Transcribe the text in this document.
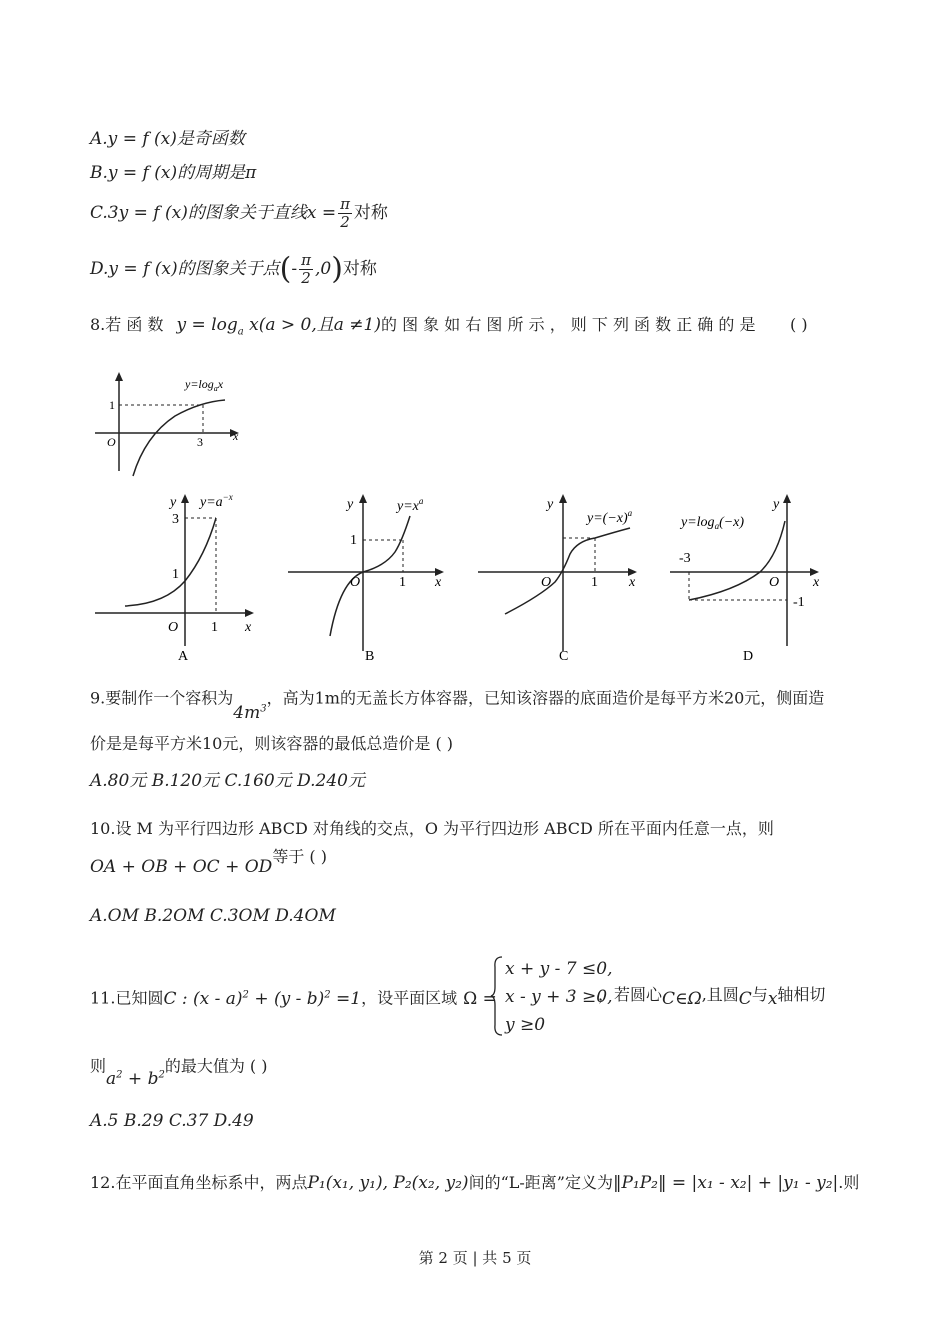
A.y = f (x)是奇函数
B.y = f (x)的周期是π
C.3y = f (x)的图象关于直线$x = \frac{\pi}{2}$ 对称
D.y = f (x)的图象关于点(- $\frac{\pi}{2} ,0$)对称
8.若 函 数 $y = \log_a x(a > 0$,且a ≠1)的 图 象 如 右 图 所 示 ， 则 下 列 函 数 正 确 的 是 ( )
1
O	3	x
$y=\log_ax$
3
1
O 1 x
y $y=a^{-x}$
A
y	$y=x^a$
1
O	1 x
B
y
$y=(-x)^a$
O	1 x
C
y
$y=\log_a(-x)$
-3
O
-1
x
D
9.要制作一个容积为$4m^3$，高为1m的无盖长方体容器，已知该溶器的底面造价是每平方米20元，侧面造
价是是每平方米10元，则该容器的最低总造价是 ( )
A.80元 B.120元 C.160元 D.240元
10.设 M 为平行四边形 ABCD 对角线的交点，O 为平行四边形 ABCD 所在平面内任意一点，则
OA + OB + OC + OD等于 ( )
A.OM B.2OM C.3OM D.4OM
11.已知圆C : (x - a)$^2$ + (y - b)$^2$ =1，设平面区域 Ω =
x + y - 7 ≤0,
x - y + 3 ≥0,
y ≥0
，若圆心C∈Ω,且圆C与x轴相切
则$a^2 + b^2$的最大值为 ( )
A.5 B.29 C.37 D.49
12.在平面直角坐标系中，两点P₁(x₁, y₁), P₂(x₂, y₂)间的“L-距离”定义为‖P₁P₂‖ = |x₁ - x₂| + |y₁ - y₂|.则
第 2 页 | 共 5 页
